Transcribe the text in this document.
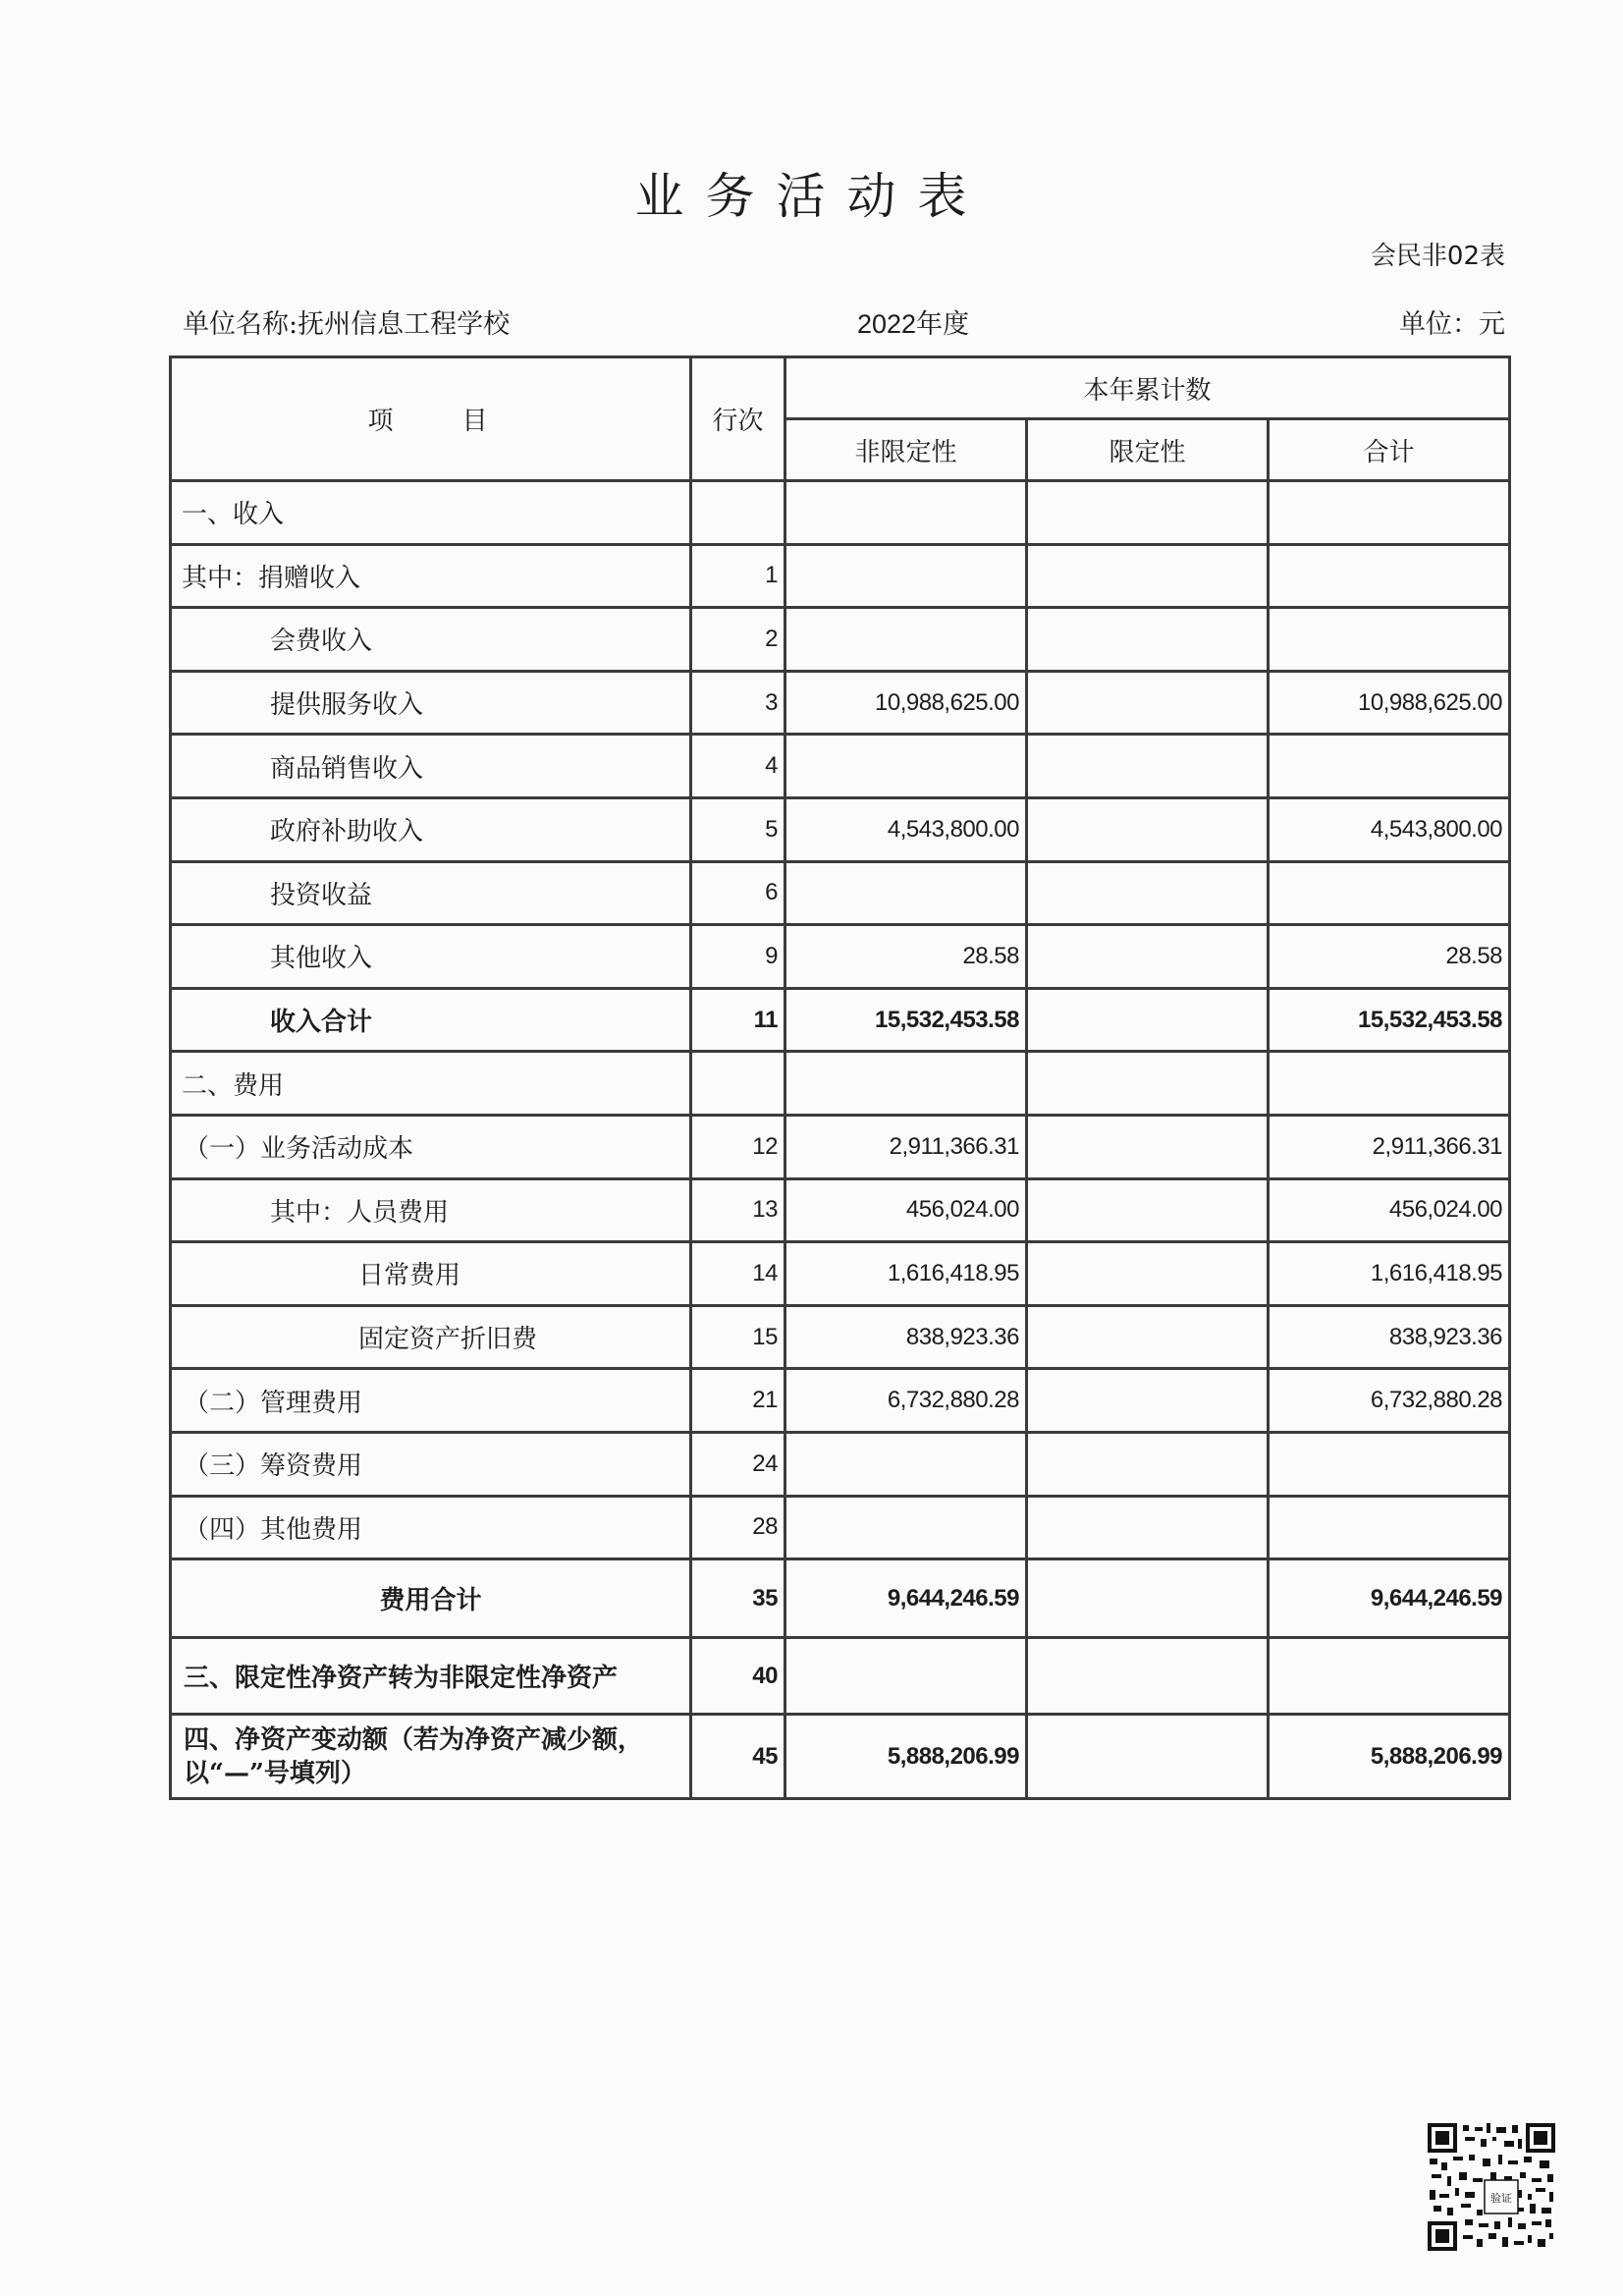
业务活动表
会民非02表
单位名称:抚州信息工程学校	2022年度	单位：元
项　　目	行次	本年累计数		
		非限定性	限定性	合计
一、收入				
其中：捐赠收入	1			
会费收入	2			
提供服务收入	3	10,988,625.00		10,988,625.00
商品销售收入	4			
政府补助收入	5	4,543,800.00		4,543,800.00
投资收益	6			
其他收入	9	28.58		28.58
收入合计	11	15,532,453.58		15,532,453.58
二、费用				
（一）业务活动成本	12	2,911,366.31		2,911,366.31
其中：人员费用	13	456,024.00		456,024.00
日常费用	14	1,616,418.95		1,616,418.95
固定资产折旧费	15	838,923.36		838,923.36
（二）管理费用	21	6,732,880.28		6,732,880.28
（三）筹资费用	24			
（四）其他费用	28			
费用合计	35	9,644,246.59		9,644,246.59
三、限定性净资产转为非限定性净资产	40			
四、净资产变动额（若为净资产减少额，以“—”号填列）	45	5,888,206.99		5,888,206.99
验证
